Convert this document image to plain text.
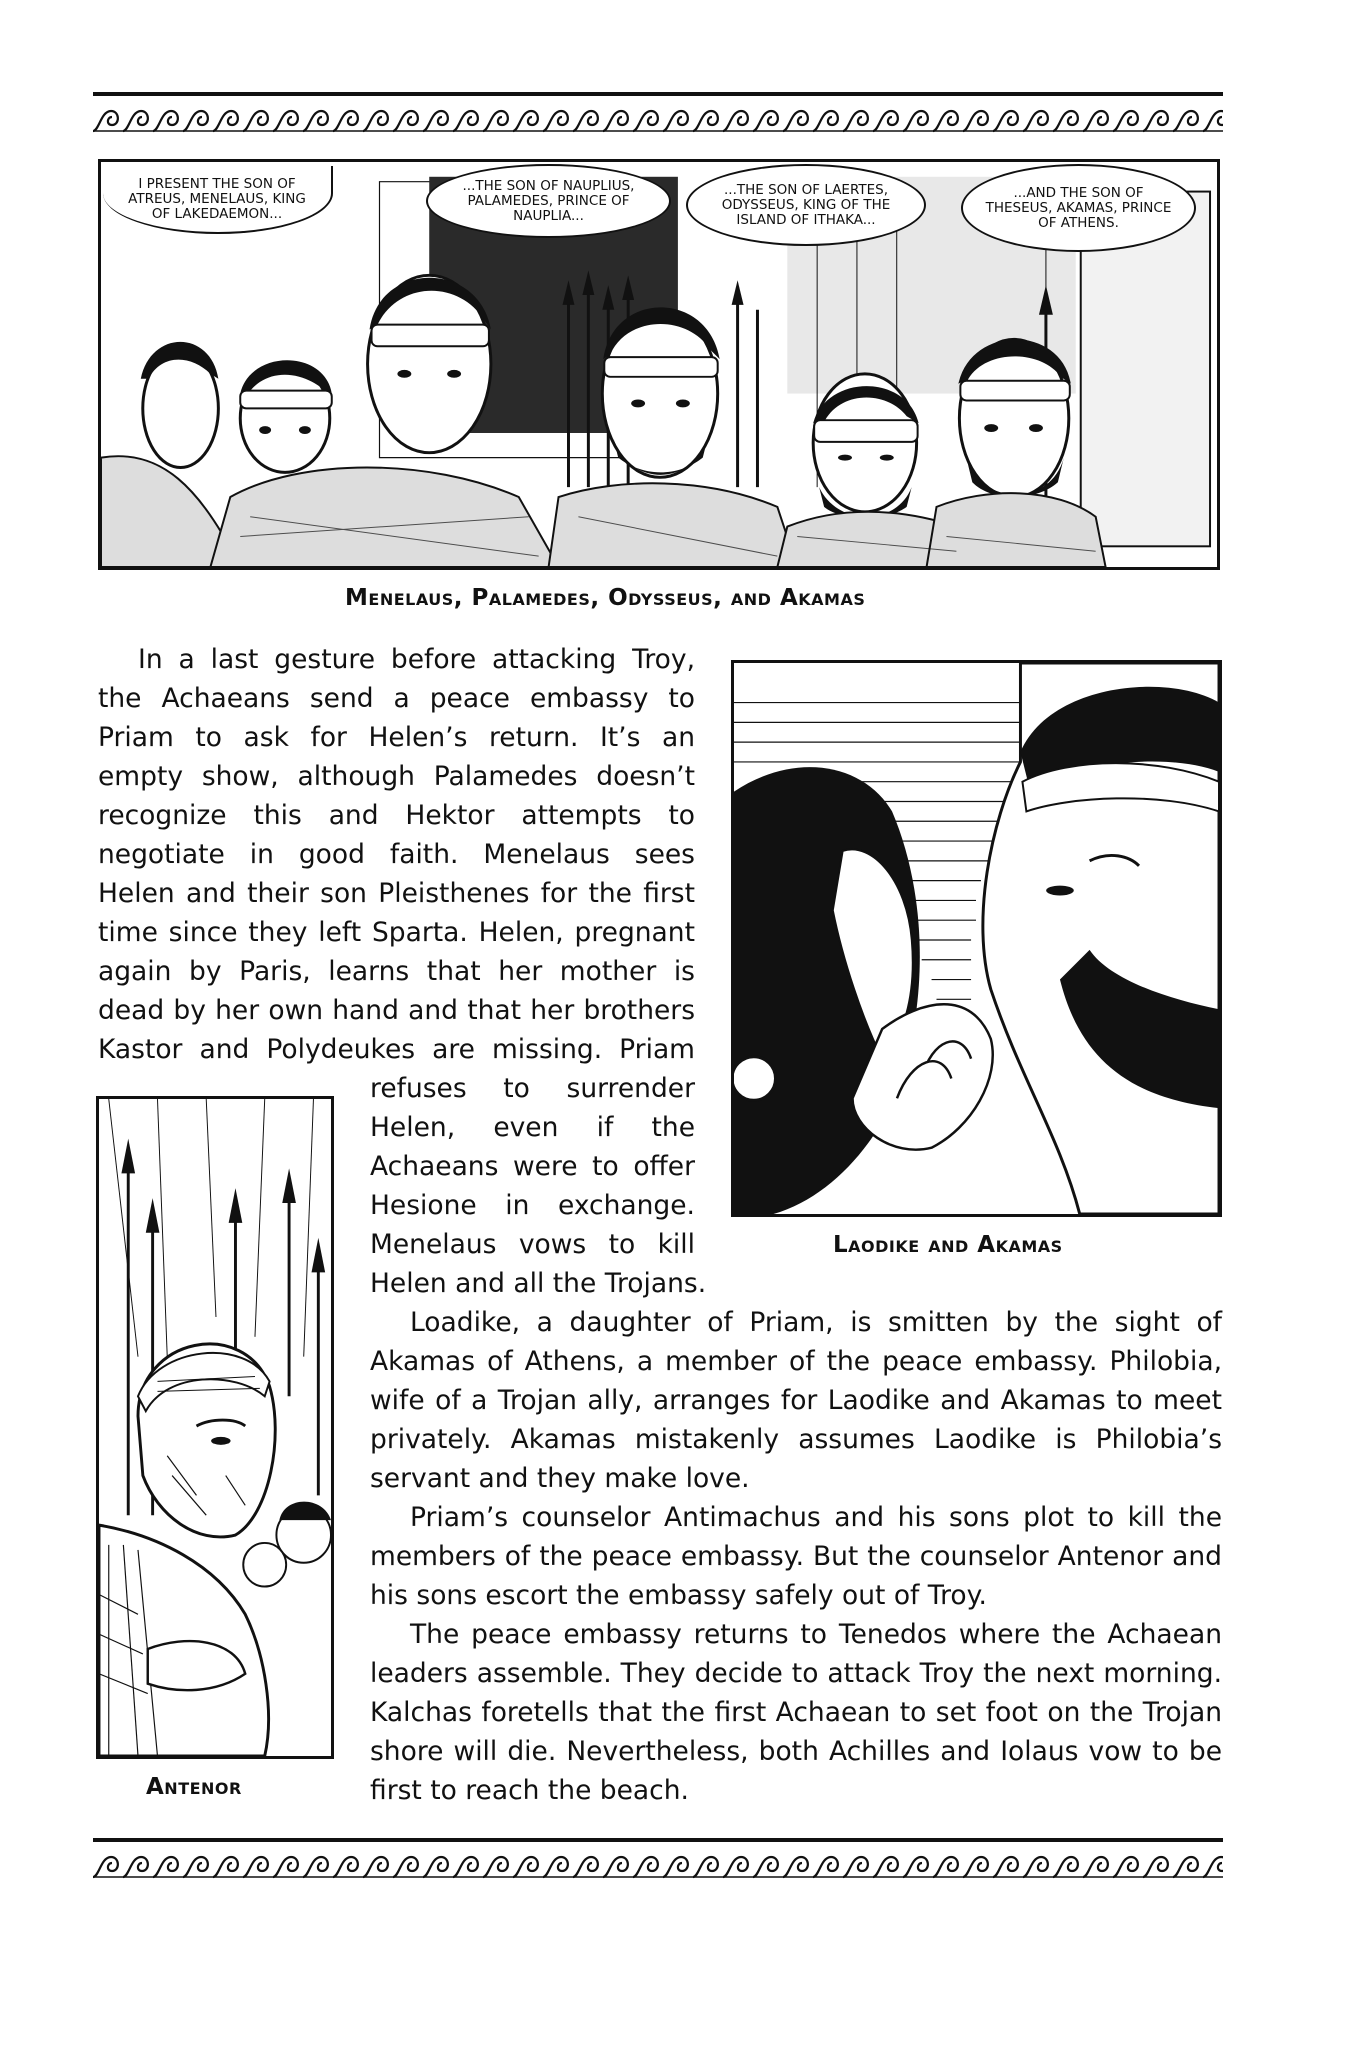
I PRESENT THE SON OF ATREUS, MENELAUS, KING OF LAKEDAEMON...
...THE SON OF NAUPLIUS, PALAMEDES, PRINCE OF NAUPLIA...
...THE SON OF LAERTES, ODYSSEUS, KING OF THE ISLAND OF ITHAKA...
...AND THE SON OF THESEUS, AKAMAS, PRINCE OF ATHENS.
Menelaus, Palamedes, Odysseus, and Akamas
Laodike and Akamas
Antenor

In a last gesture before attacking Troy,

the Achaeans send a peace embassy to

Priam to ask for Helen’s return. It’s an

empty show, although Palamedes doesn’t

recognize this and Hektor attempts to

negotiate in good faith. Menelaus sees

Helen and their son Pleisthenes for the first

time since they left Sparta. Helen, pregnant

again by Paris, learns that her mother is

dead by her own hand and that her brothers

Kastor and Polydeukes are missing. Priam

refuses to surrender

Helen, even if the

Achaeans were to offer

Hesione in exchange.

Menelaus vows to kill

Helen and all the Trojans.

Loadike, a daughter of Priam, is smitten by the sight of Akamas of Athens, a member of the peace embassy. Philobia, wife of a Trojan ally, arranges for Laodike and Akamas to meet privately. Akamas mistakenly assumes Laodike is Philobia’s servant and they make love.

Priam’s counselor Antimachus and his sons plot to kill the members of the peace embassy. But the counselor Antenor and his sons escort the embassy safely out of Troy.

The peace embassy returns to Tenedos where the Achaean leaders assemble. They decide to attack Troy the next morning. Kalchas foretells that the first Achaean to set foot on the Trojan shore will die. Nevertheless, both Achilles and Iolaus vow to be first to reach the beach.
